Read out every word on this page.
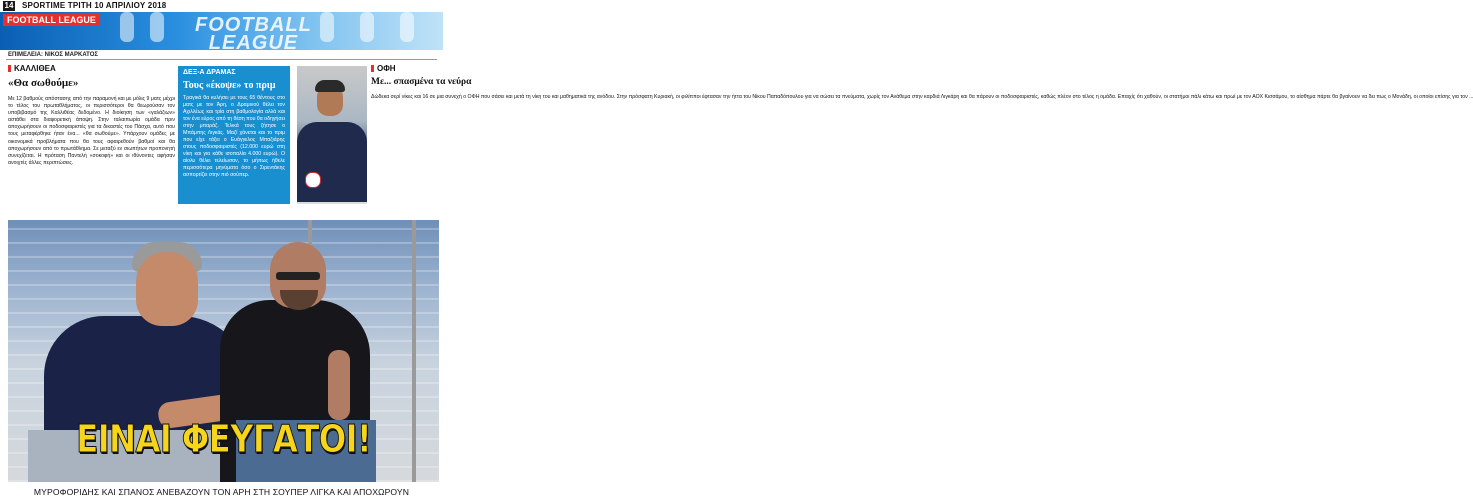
14 SPORTIME ΤΡΙΤΗ 10 ΑΠΡΙΛΙΟΥ 2018
FOOTBALL LEAGUE	FOOTBALL
LEAGUE
ΕΠΙΜΕΛΕΙΑ: ΝΙΚΟΣ ΜΑΡΚΑΤΟΣ
ΚΑΛΛΙΘΕΑ
«Θα σωθούμε»
Με 12 βαθμούς απόστασης από την παραμονή και με μόλις 9 ματς μέχρι το τέλος του πρωταθλήματος, οι περισσότεροι θα θεωρούσαν τον υποβιβασμό της Καλλιθέας δεδομένο. Η διοίκηση των «γαλάζιων» αστάθει στα διαφορετική άποψη. Στην ταλαιπωρία ομάδα πριν αποχωρήσουν οι ποδοσφαιριστές για τα δικαστές του Πάσχα, αυτό που τους μεταφέρθηκε ήταν ένα... «θα σωθούμε». Υπάρχουν ομάδες με οικονομικά προβλήματα που θα τους αφαιρεθούν βαθμοί και θα αποχωρήσουν από το πρωτάθλημα. Σε μεταξύ εν σιωπήτων προπονητή συνεχίζεται. Η πρόταση Παντελή «σοκοφή» και οι ιθύνοντες αφήσαν ανοιχτές άλλες περιπτώσεις.
ΔΕΞ-Α ΔΡΑΜΑΣ
Τους «έκοψε» το πριμ
Τραγικά θα κυλήσει με τους 65 θέντους στο ματς με τον Άρη, ο Δραμινού θέλει τον Αχιλλέως και τρία στη βαθμολογία αλλά και τον ένα εύρος από τη θέση που θα οδηγήσει στην μπαράζ. Τελικά τους ζήτησε ο Μπάμπης Λιγκάς. Μαζί χάνεται και το πριμ που είχε τάξει ο Ευάγγελος Μπαζιάρης στους ποδοσφαιριστές (12.000 ευρώ στη νίκη και για κάθε ισοπαλία 4.000 ευρώ). Ο αίολυ θέλει τελείωσαν, το μήπως ήθελε περισσότερα μηνύματα όσο ο Σιρεντάκης ασπορτίζει στην πιό σούπερ.
ΟΦΗ
Με... σπασμένα τα νεύρα
Δώδεκα σερί νίκες και 16 σε μια συνεχή ο ΟΦΗ που σάσει και μετά τη νίκη του και μαθηματικά της ανόδου. Στην πρόσφατη Κυριακή, οι φιλίπποι έφτασαν την ήττα του Νίκου Παπαδόπουλου για να σώσει τα πνεύματα, χωρίς τον Ανάθεμα στην καρδιά Λιγκάρη και θα πάρουν οι ποδοσφαιριστές, καθώς πλέον στο τέλος η ομάδα. Επαιχίς ότι χαθούν, οι στατήμοι πάλι κάτω και πρωί με τον ΑΟΧ Κισσάμου, το αίσθημα πάρτε θα βγαίνουν να δει πως ο Μονάδη, οι οποίοι επίσης για τον ...
ΕΙΝΑΙ ΦΕΥΓΑΤΟΙ!
ΜΥΡΟΦΟΡΙΔΗΣ ΚΑΙ ΣΠΑΝΟΣ ΑΝΕΒΑΖΟΥΝ ΤΟΝ ΑΡΗ ΣΤΗ ΣΟΥΠΕΡ ΛΙΓΚΑ ΚΑΙ ΑΠΟΧΩΡΟΥΝ
